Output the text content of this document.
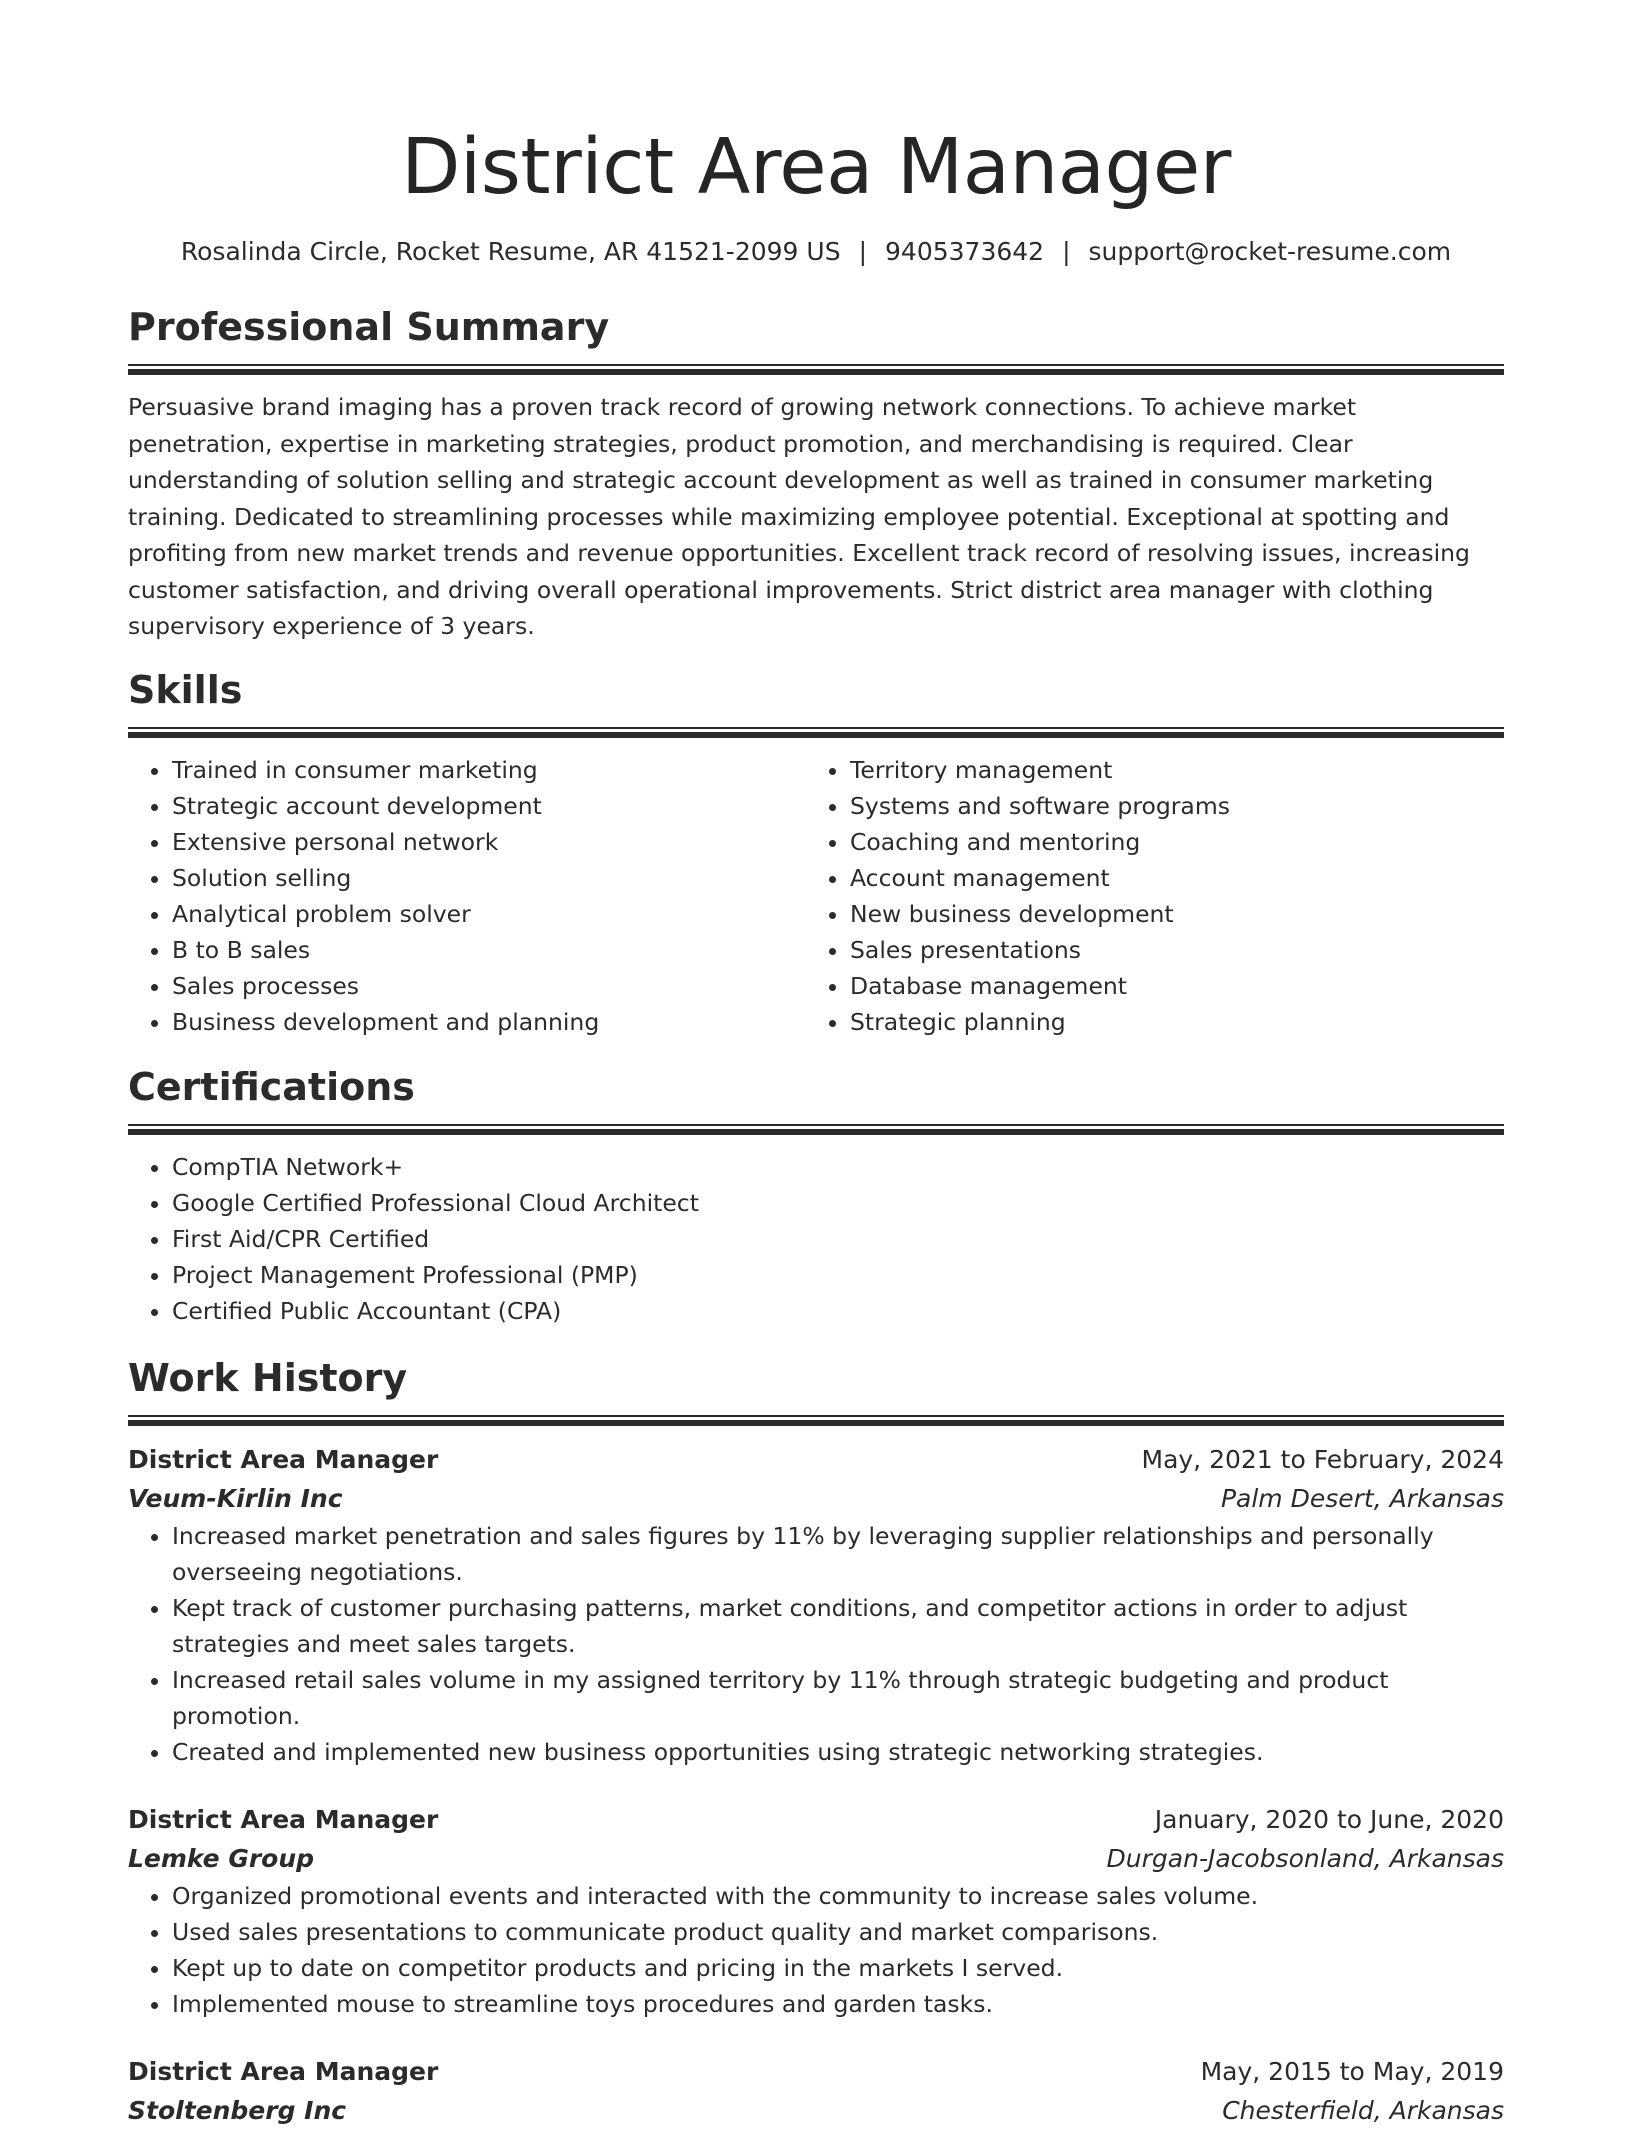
District Area Manager
Rosalinda Circle, Rocket Resume, AR 41521-2099 US | 9405373642 | support@rocket-resume.com
Professional Summary

Persuasive brand imaging has a proven track record of growing network connections. To achieve market penetration, expertise in marketing strategies, product promotion, and merchandising is required. Clear understanding of solution selling and strategic account development as well as trained in consumer marketing training. Dedicated to streamlining processes while maximizing employee potential. Exceptional at spotting and profiting from new market trends and revenue opportunities. Excellent track record of resolving issues, increasing customer satisfaction, and driving overall operational improvements. Strict district area manager with clothing supervisory experience of 3 years.

Skills
• Trained in consumer marketing
• Strategic account development
• Extensive personal network
• Solution selling
• Analytical problem solver
• B to B sales
• Sales processes
• Business development and planning
• Territory management
• Systems and software programs
• Coaching and mentoring
• Account management
• New business development
• Sales presentations
• Database management
• Strategic planning
Certifications
• CompTIA Network+
• Google Certified Professional Cloud Architect
• First Aid/CPR Certified
• Project Management Professional (PMP)
• Certified Public Accountant (CPA)
Work History
District Area Manager	May, 2021 to February, 2024
Veum-Kirlin Inc	Palm Desert, Arkansas
• Increased market penetration and sales figures by 11% by leveraging supplier relationships and personally overseeing negotiations.
• Kept track of customer purchasing patterns, market conditions, and competitor actions in order to adjust strategies and meet sales targets.
• Increased retail sales volume in my assigned territory by 11% through strategic budgeting and product promotion.
• Created and implemented new business opportunities using strategic networking strategies.
District Area Manager	January, 2020 to June, 2020
Lemke Group	Durgan-Jacobsonland, Arkansas
• Organized promotional events and interacted with the community to increase sales volume.
• Used sales presentations to communicate product quality and market comparisons.
• Kept up to date on competitor products and pricing in the markets I served.
• Implemented mouse to streamline toys procedures and garden tasks.
District Area Manager	May, 2015 to May, 2019
Stoltenberg Inc	Chesterfield, Arkansas
